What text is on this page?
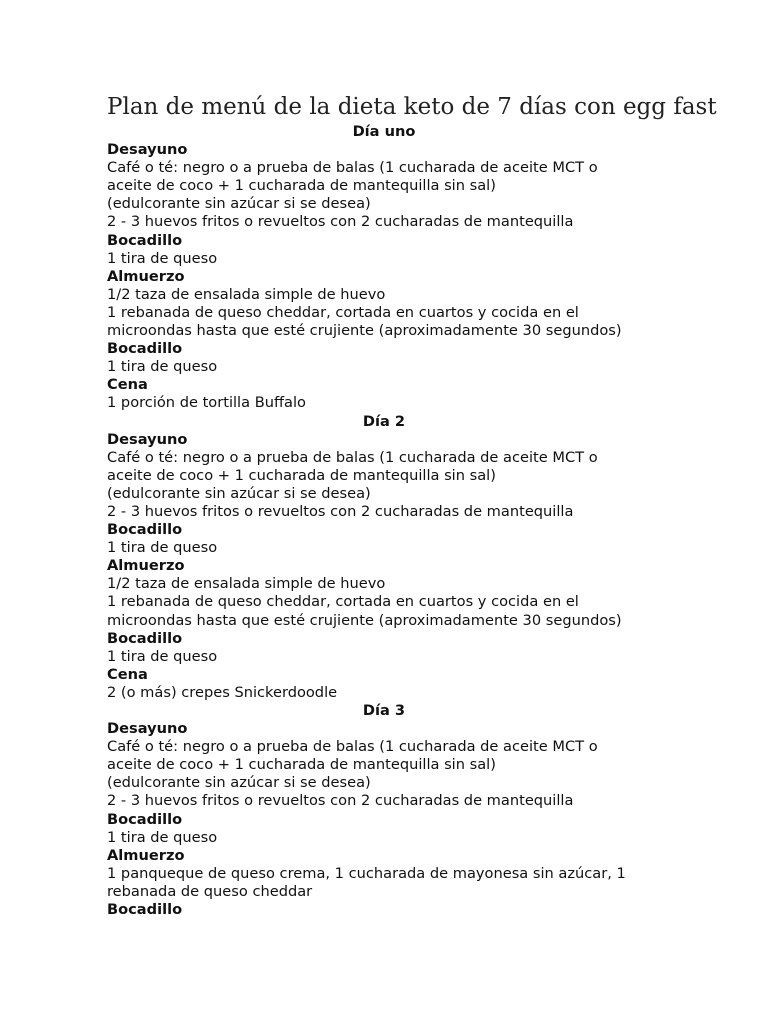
Plan de menú de la dieta keto de 7 días con egg fast
Día uno
Desayuno
Café o té: negro o a prueba de balas (1 cucharada de aceite MCT o
aceite de coco + 1 cucharada de mantequilla sin sal)
(edulcorante sin azúcar si se desea)
2 - 3 huevos fritos o revueltos con 2 cucharadas de mantequilla
Bocadillo
1 tira de queso
Almuerzo
1/2 taza de ensalada simple de huevo
1 rebanada de queso cheddar, cortada en cuartos y cocida en el
microondas hasta que esté crujiente (aproximadamente 30 segundos)
Bocadillo
1 tira de queso
Cena
1 porción de tortilla Buffalo
Día 2
Desayuno
Café o té: negro o a prueba de balas (1 cucharada de aceite MCT o
aceite de coco + 1 cucharada de mantequilla sin sal)
(edulcorante sin azúcar si se desea)
2 - 3 huevos fritos o revueltos con 2 cucharadas de mantequilla
Bocadillo
1 tira de queso
Almuerzo
1/2 taza de ensalada simple de huevo
1 rebanada de queso cheddar, cortada en cuartos y cocida en el
microondas hasta que esté crujiente (aproximadamente 30 segundos)
Bocadillo
1 tira de queso
Cena
2 (o más) crepes Snickerdoodle
Día 3
Desayuno
Café o té: negro o a prueba de balas (1 cucharada de aceite MCT o
aceite de coco + 1 cucharada de mantequilla sin sal)
(edulcorante sin azúcar si se desea)
2 - 3 huevos fritos o revueltos con 2 cucharadas de mantequilla
Bocadillo
1 tira de queso
Almuerzo
1 panqueque de queso crema, 1 cucharada de mayonesa sin azúcar, 1
rebanada de queso cheddar
Bocadillo
